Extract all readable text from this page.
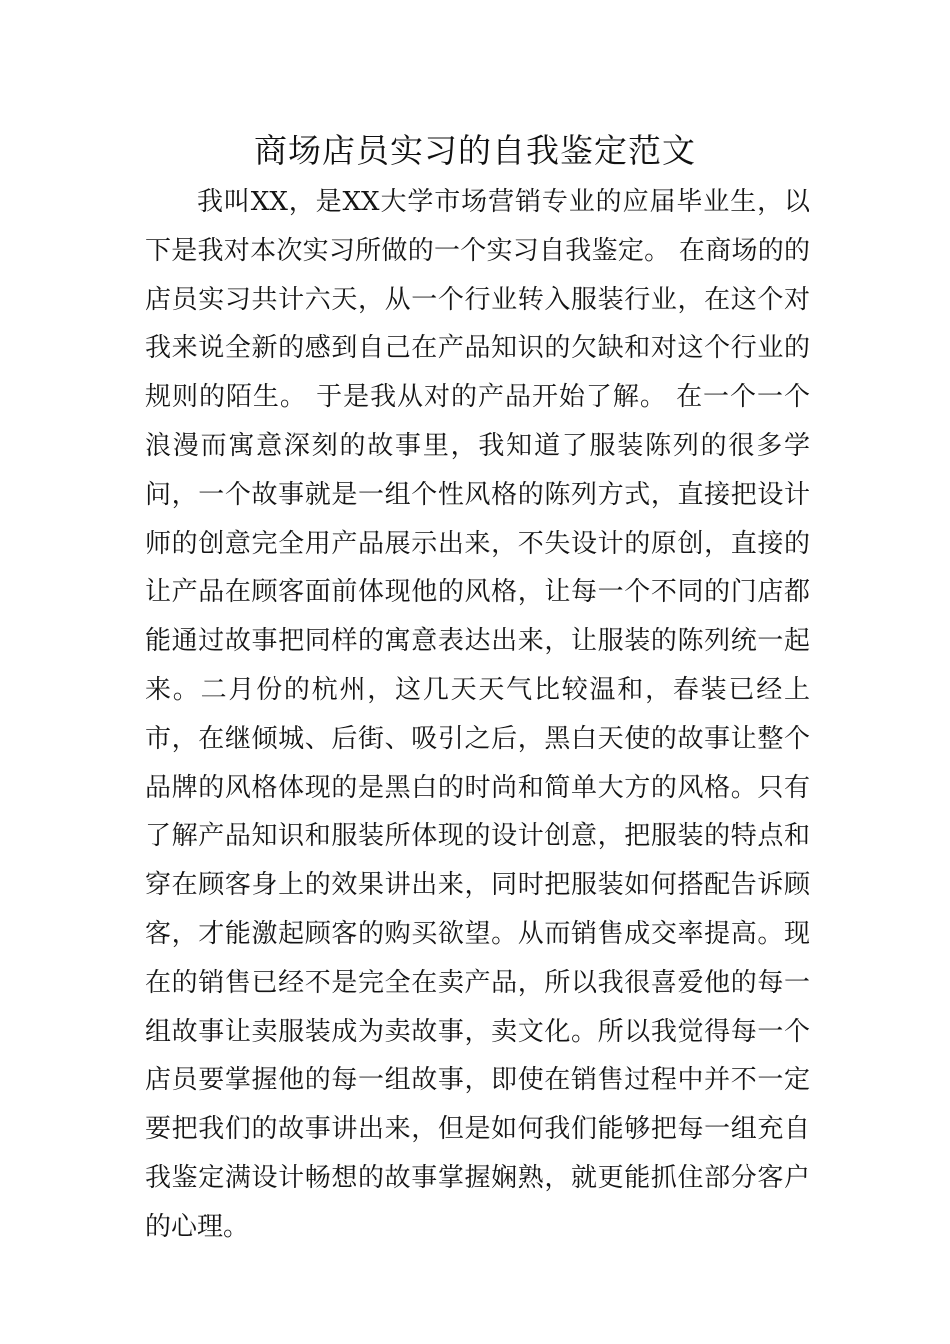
商场店员实习的自我鉴定范文

我叫XX，是XX大学市场营销专业的应届毕业生，以下是我对本次实习所做的一个实习自我鉴定。 在商场的的店员实习共计六天，从一个行业转入服装行业，在这个对我来说全新的感到自己在产品知识的欠缺和对这个行业的规则的陌生。 于是我从对的产品开始了解。 在一个一个浪漫而寓意深刻的故事里，我知道了服装陈列的很多学问，一个故事就是一组个性风格的陈列方式，直接把设计师的创意完全用产品展示出来，不失设计的原创，直接的让产品在顾客面前体现他的风格，让每一个不同的门店都能通过故事把同样的寓意表达出来，让服装的陈列统一起来。二月份的杭州，这几天天气比较温和，春装已经上市，在继倾城、后街、吸引之后，黑白天使的故事让整个品牌的风格体现的是黑白的时尚和简单大方的风格。只有了解产品知识和服装所体现的设计创意，把服装的特点和穿在顾客身上的效果讲出来，同时把服装如何搭配告诉顾客，才能激起顾客的购买欲望。从而销售成交率提高。现在的销售已经不是完全在卖产品，所以我很喜爱他的每一组故事让卖服装成为卖故事，卖文化。所以我觉得每一个店员要掌握他的每一组故事，即使在销售过程中并不一定要把我们的故事讲出来，但是如何我们能够把每一组充自我鉴定满设计畅想的故事掌握娴熟，就更能抓住部分客户的心理。
